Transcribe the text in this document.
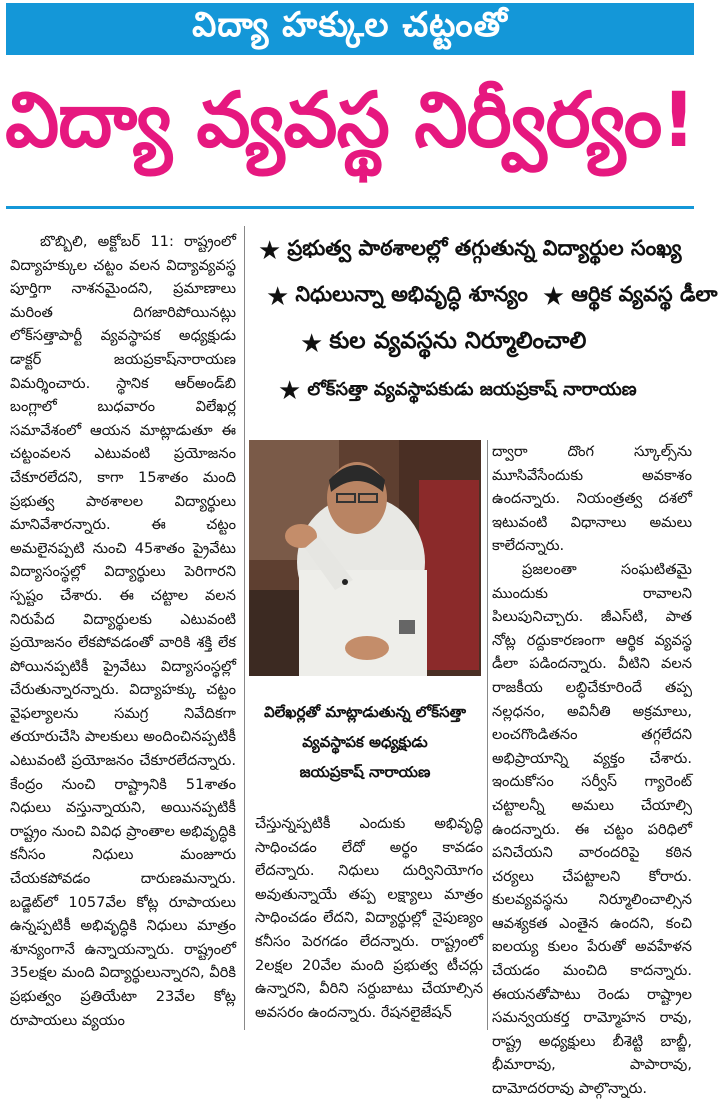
విద్యా హక్కుల చట్టంతో
విద్యా వ్యవస్థ నిర్వీర్యం!

బొబ్బిలి, అక్టోబర్ 11: రాష్ట్రంలో విద్యాహక్కుల చట్టం వలన విద్యావ్యవస్థ పూర్తిగా నాశనమైందని, ప్రమాణాలు మరింత దిగజారిపోయినట్లు లోక్‌సత్తాపార్టీ వ్యవస్థాపక అధ్యక్షుడు డాక్టర్ జయప్రకాష్‌నారాయణ విమర్శించారు. స్థానిక ఆర్‌అండ్‌బి బంగ్లాలో బుధవారం విలేఖర్ల సమావేశంలో ఆయన మాట్లాడుతూ ఈ చట్టంవలన ఎటువంటి ప్రయోజనం చేకూరలేదని, కాగా 15శాతం మంది ప్రభుత్వ పాఠశాలల విద్యార్థులు మానివేశారన్నారు. ఈ చట్టం అమలైనప్పటి నుంచి 45శాతం ప్రైవేటు విద్యాసంస్థల్లో విద్యార్థులు పెరిగారని స్పష్టం చేశారు. ఈ చట్టాల వలన నిరుపేద విద్యార్థులకు ఎటువంటి ప్రయోజనం లేకపోవడంతో వారికి శక్తి లేక పోయినప్పటికీ ప్రైవేటు విద్యాసంస్థల్లో చేరుతున్నారన్నారు. విద్యాహక్కు చట్టం వైఫల్యాలను సమగ్ర నివేదికగా తయారుచేసి పాలకులు అందించినప్పటికీ ఎటువంటి ప్రయోజనం చేకూరలేదన్నారు. కేంద్రం నుంచి రాష్ట్రానికి 51శాతం నిధులు వస్తున్నాయని, అయినప్పటికీ రాష్ట్రం నుంచి వివిధ ప్రాంతాల అభివృద్ధికి కనీసం నిధులు మంజూరు చేయకపోవడం దారుణమన్నారు. బడ్జెట్‌లో 1057వేల కోట్ల రూపాయలు ఉన్నప్పటికీ అభివృద్ధికి నిధులు మాత్రం శూన్యంగానే ఉన్నాయన్నారు. రాష్ట్రంలో 35లక్షల మంది విద్యార్థులున్నారని, వీరికి ప్రభుత్వం ప్రతియేటా 23వేల కోట్ల రూపాయలు వ్యయం

★ ప్రభుత్వ పాఠశాలల్లో తగ్గుతున్న విద్యార్థుల సంఖ్య
★ నిధులున్నా అభివృద్ధి శూన్యం ★ ఆర్థిక వ్యవస్థ డీలా
★ కుల వ్యవస్థను నిర్మూలించాలి
★ లోక్‌సత్తా వ్యవస్థాపకుడు జయప్రకాష్ నారాయణ
విలేఖర్లతో మాట్లాడుతున్న లోక్‌సత్తా
వ్యవస్థాపక అధ్యక్షుడు
జయప్రకాష్ నారాయణ

చేస్తున్నప్పటికీ ఎందుకు అభివృద్ధి సాధించడం లేదో అర్థం కావడం లేదన్నారు. నిధులు దుర్వినియోగం అవుతున్నాయే తప్ప లక్ష్యాలు మాత్రం సాధించడం లేదని, విద్యార్థుల్లో నైపుణ్యం కనీసం పెరగడం లేదన్నారు. రాష్ట్రంలో 2లక్షల 20వేల మంది ప్రభుత్వ టీచర్లు ఉన్నారని, వీరిని సర్దుబాటు చేయాల్సిన అవసరం ఉందన్నారు. రేషనలైజేషన్

ద్వారా దొంగ స్కూల్స్‌ను మూసివేసేందుకు అవకాశం ఉందన్నారు. నియంత్రత్వ దశలో ఇటువంటి విధానాలు అమలు కాలేదన్నారు.

ప్రజలంతా సంఘటితమై ముందుకు రావాలని పిలుపునిచ్చారు. జీఎస్‌టి, పాత నోట్ల రద్దుకారణంగా ఆర్థిక వ్యవస్థ డీలా పడిందన్నారు. వీటిని వలన రాజకీయ లబ్ధిచేకూరిందే తప్ప నల్లధనం, అవినీతి అక్రమాలు, లంచగొండితనం తగ్గలేదని అభిప్రాయాన్ని వ్యక్తం చేశారు. ఇందుకోసం సర్వీస్ గ్యారెంట్ చట్టాలన్నీ అమలు చేయాల్సి ఉందన్నారు. ఈ చట్టం పరిధిలో పనిచేయని వారందరిపై కఠిన చర్యలు చేపట్టాలని కోరారు. కులవ్యవస్థను నిర్మూలించాల్సిన ఆవశ్యకత ఎంతైన ఉందని, కంచి ఐలయ్య కులం పేరుతో అవహేళన చేయడం మంచిది కాదన్నారు. ఈయనతోపాటు రెండు రాష్ట్రాల సమన్వయకర్త రామ్మోహన రావు, రాష్ట్ర అధ్యక్షులు బీశెట్టి బాబ్జీ, భీమారావు, పాపారావు, దామోదరరావు పాల్గొన్నారు.
